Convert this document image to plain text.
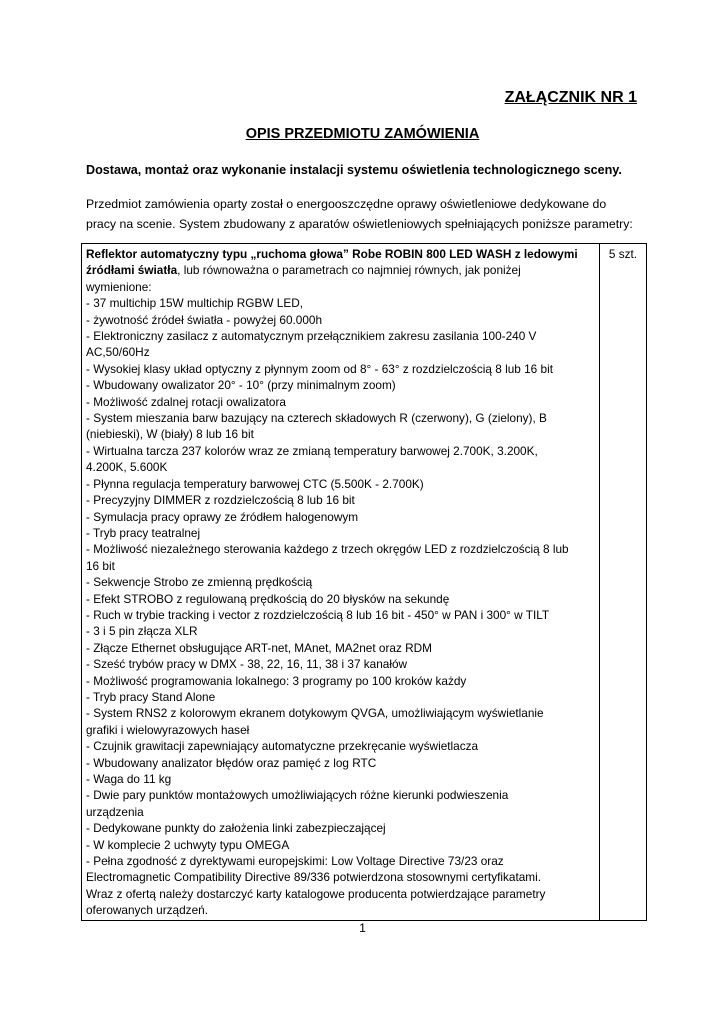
ZAŁĄCZNIK NR 1
OPIS PRZEDMIOTU ZAMÓWIENIA
Dostawa, montaż oraz wykonanie instalacji systemu oświetlenia technologicznego sceny.
Przedmiot zamówienia oparty został o energooszczędne oprawy oświetleniowe dedykowane do
pracy na scenie. System zbudowany z aparatów oświetleniowych spełniających poniższe parametry:
Reflektor automatyczny typu „ruchoma głowa” Robe ROBIN 800 LED WASH z ledowymi
źródłami światła, lub równoważna o parametrach co najmniej równych, jak poniżej
wymienione:
- 37 multichip 15W multichip RGBW LED,
- żywotność źródeł światła - powyżej 60.000h
- Elektroniczny zasilacz z automatycznym przełącznikiem zakresu zasilania 100-240 V
AC,50/60Hz
- Wysokiej klasy układ optyczny z płynnym zoom od 8° - 63° z rozdzielczością 8 lub 16 bit
- Wbudowany owalizator 20° - 10° (przy minimalnym zoom)
- Możliwość zdalnej rotacji owalizatora
- System mieszania barw bazujący na czterech składowych R (czerwony), G (zielony), B
(niebieski), W (biały) 8 lub 16 bit
- Wirtualna tarcza 237 kolorów wraz ze zmianą temperatury barwowej 2.700K, 3.200K,
4.200K, 5.600K
- Płynna regulacja temperatury barwowej CTC (5.500K - 2.700K)
- Precyzyjny DIMMER z rozdzielczością 8 lub 16 bit
- Symulacja pracy oprawy ze źródłem halogenowym
- Tryb pracy teatralnej
- Możliwość niezależnego sterowania każdego z trzech okręgów LED z rozdzielczością 8 lub
16 bit
- Sekwencje Strobo ze zmienną prędkością
- Efekt STROBO z regulowaną prędkością do 20 błysków na sekundę
- Ruch w trybie tracking i vector z rozdzielczością 8 lub 16 bit - 450° w PAN i 300° w TILT
- 3 i 5 pin złącza XLR
- Złącze Ethernet obsługujące ART-net, MAnet, MA2net oraz RDM
- Sześć trybów pracy w DMX - 38, 22, 16, 11, 38 i 37 kanałów
- Możliwość programowania lokalnego: 3 programy po 100 kroków każdy
- Tryb pracy Stand Alone
- System RNS2 z kolorowym ekranem dotykowym QVGA, umożliwiającym wyświetlanie
grafiki i wielowyrazowych haseł
- Czujnik grawitacji zapewniający automatyczne przekręcanie wyświetlacza
- Wbudowany analizator błędów oraz pamięć z log RTC
- Waga do 11 kg
- Dwie pary punktów montażowych umożliwiających różne kierunki podwieszenia
urządzenia
- Dedykowane punkty do założenia linki zabezpieczającej
- W komplecie 2 uchwyty typu OMEGA
- Pełna zgodność z dyrektywami europejskimi: Low Voltage Directive 73/23 oraz
Electromagnetic Compatibility Directive 89/336 potwierdzona stosownymi certyfikatami.
Wraz z ofertą należy dostarczyć karty katalogowe producenta potwierdzające parametry
oferowanych urządzeń.
	5 szt.
1
